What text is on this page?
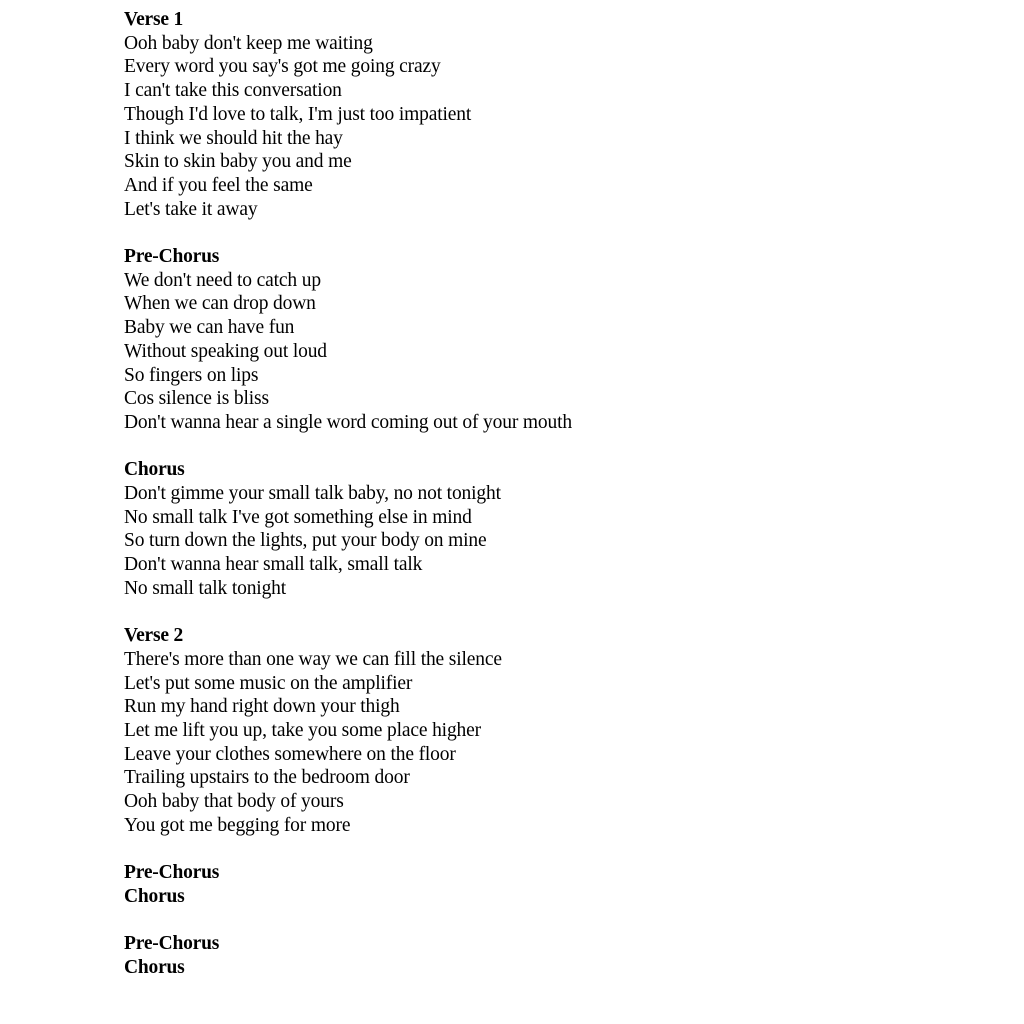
Verse 1
Ooh baby don't keep me waiting
Every word you say's got me going crazy
I can't take this conversation
Though I'd love to talk, I'm just too impatient
I think we should hit the hay
Skin to skin baby you and me
And if you feel the same
Let's take it away
Pre-Chorus
We don't need to catch up
When we can drop down
Baby we can have fun
Without speaking out loud
So fingers on lips
Cos silence is bliss
Don't wanna hear a single word coming out of your mouth
Chorus
Don't gimme your small talk baby, no not tonight
No small talk I've got something else in mind
So turn down the lights, put your body on mine
Don't wanna hear small talk, small talk
No small talk tonight
Verse 2
There's more than one way we can fill the silence
Let's put some music on the amplifier
Run my hand right down your thigh
Let me lift you up, take you some place higher
Leave your clothes somewhere on the floor
Trailing upstairs to the bedroom door
Ooh baby that body of yours
You got me begging for more
Pre-Chorus
Chorus
Pre-Chorus
Chorus
